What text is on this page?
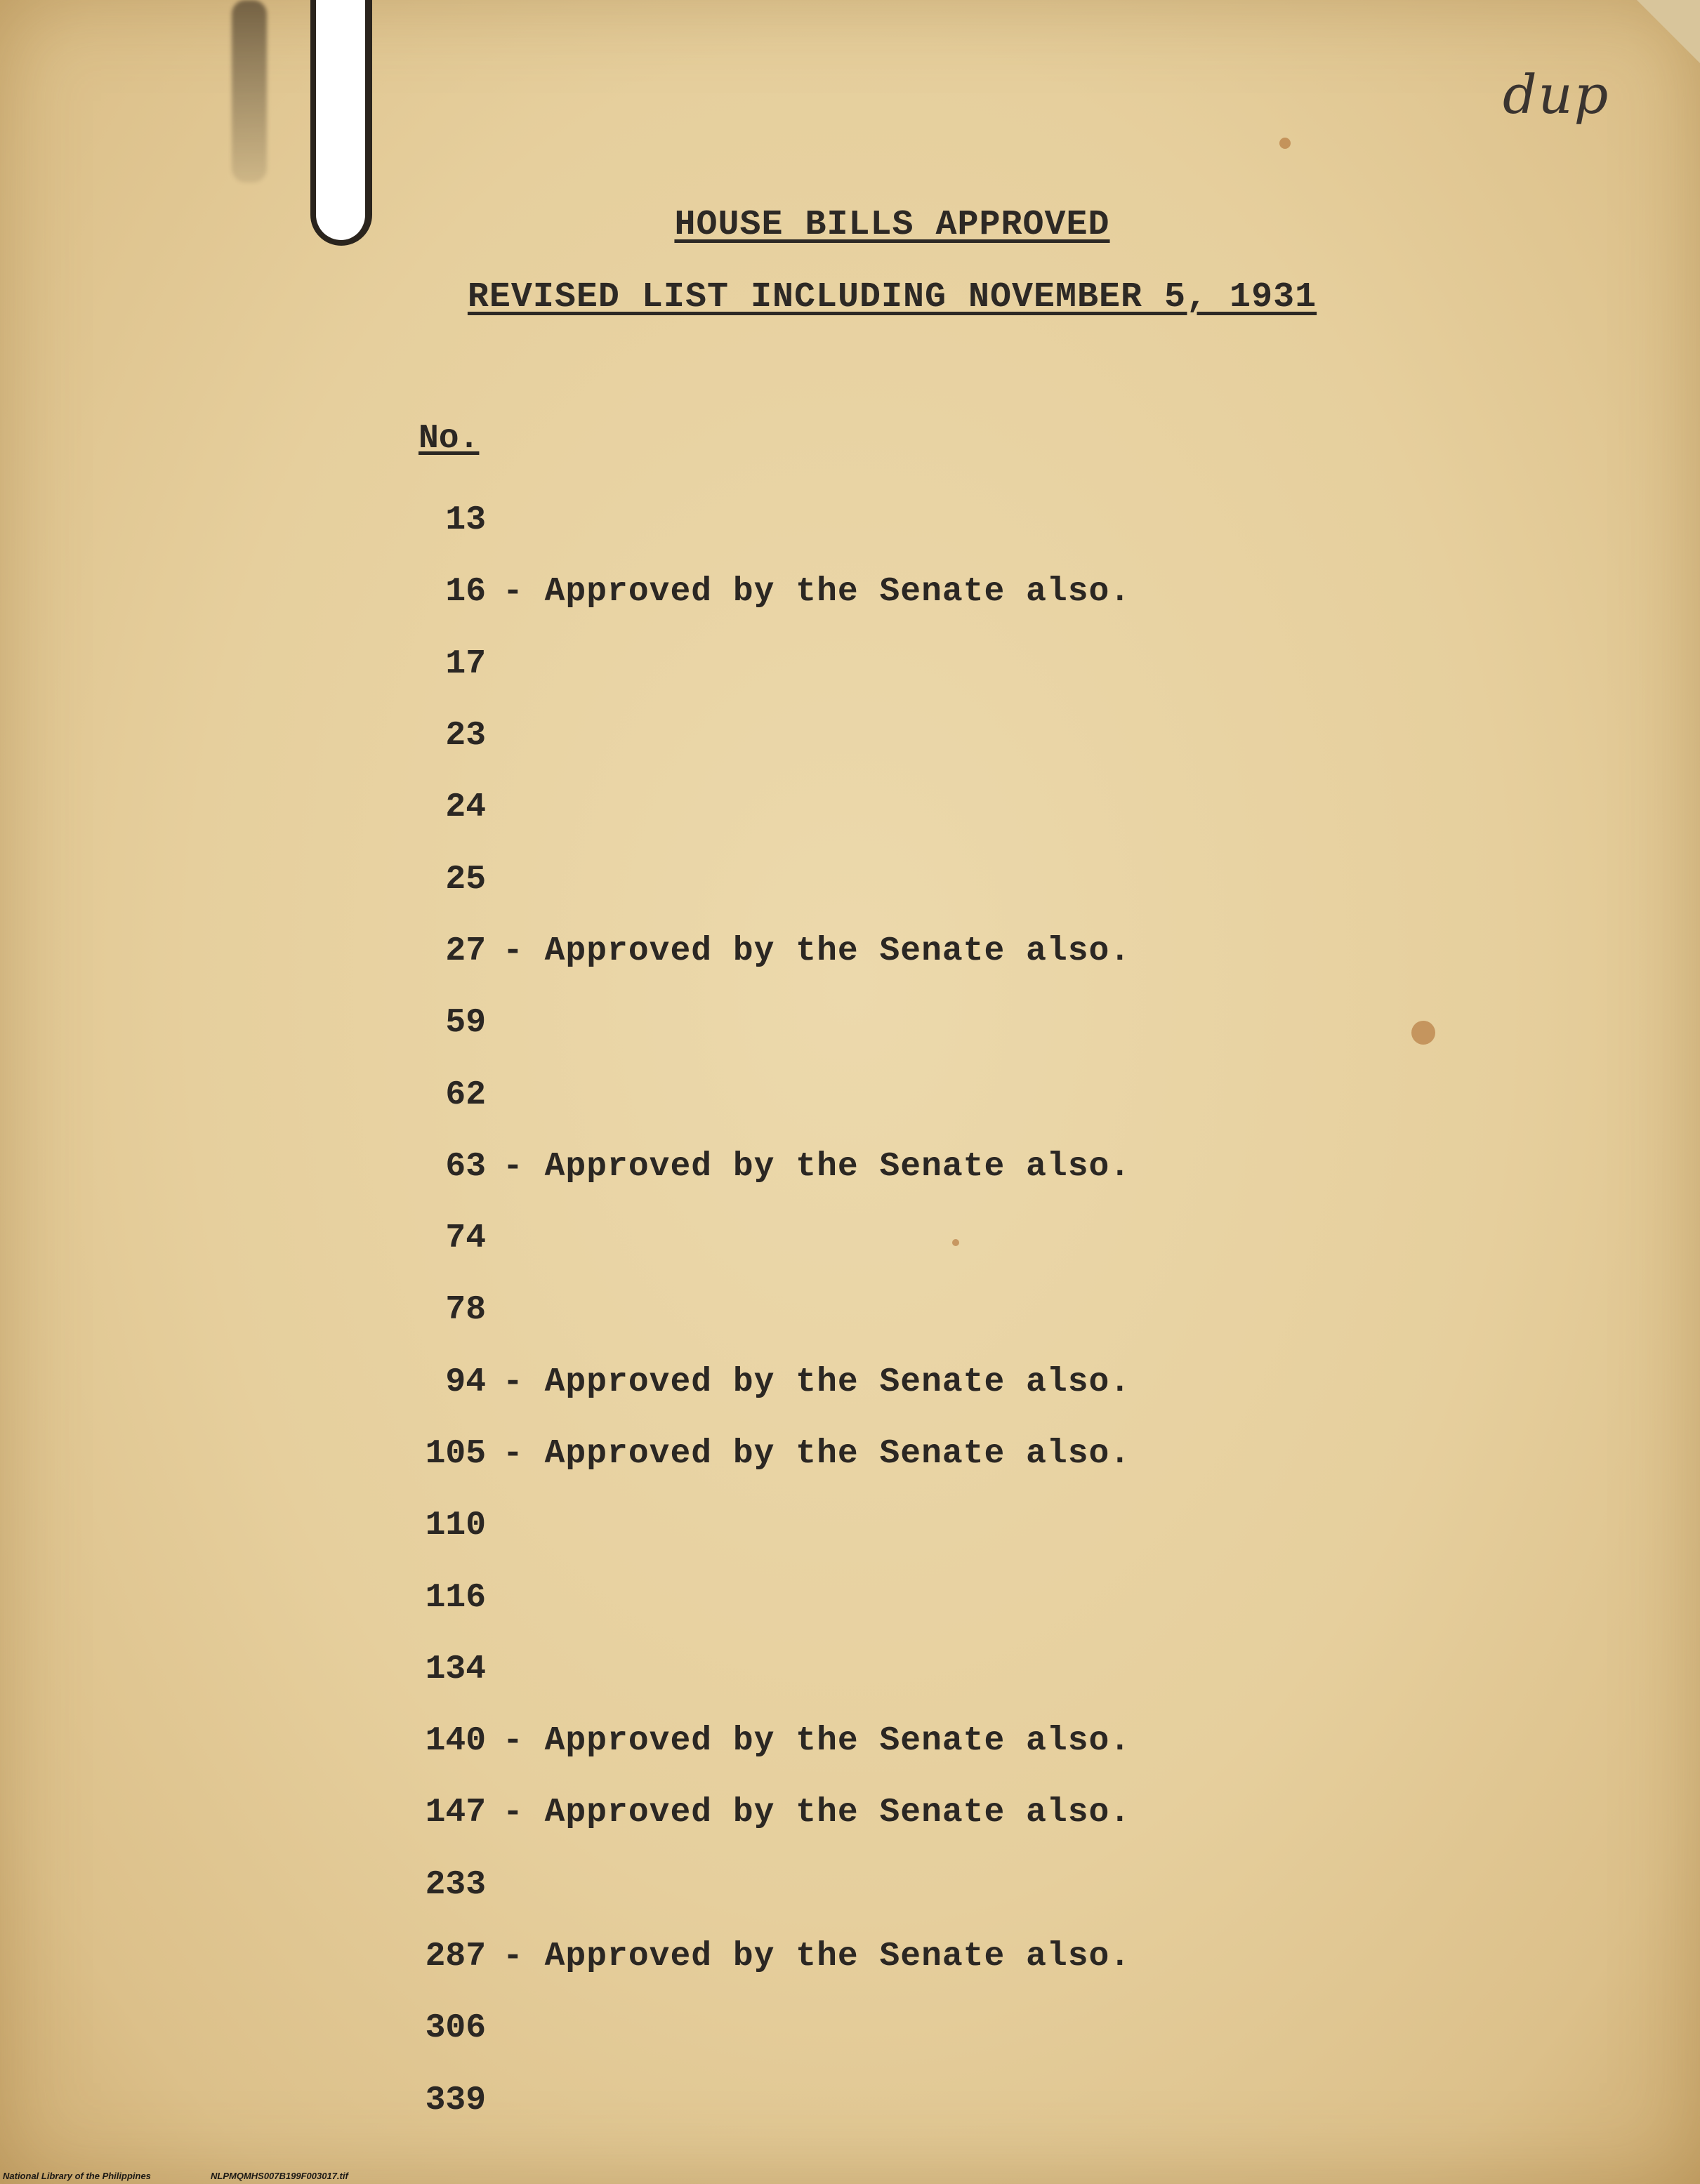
dup
HOUSE BILLS APPROVED
REVISED LIST INCLUDING NOVEMBER 5, 1931
No.
13
16	- Approved by the Senate also.
17
23
24
25
27	- Approved by the Senate also.
59
62
63	- Approved by the Senate also.
74
78
94	- Approved by the Senate also.
105	- Approved by the Senate also.
110
116
134
140	- Approved by the Senate also.
147	- Approved by the Senate also.
233
287	- Approved by the Senate also.
306
339
National Library of the Philippines	NLPMQMHS007B199F003017.tif
